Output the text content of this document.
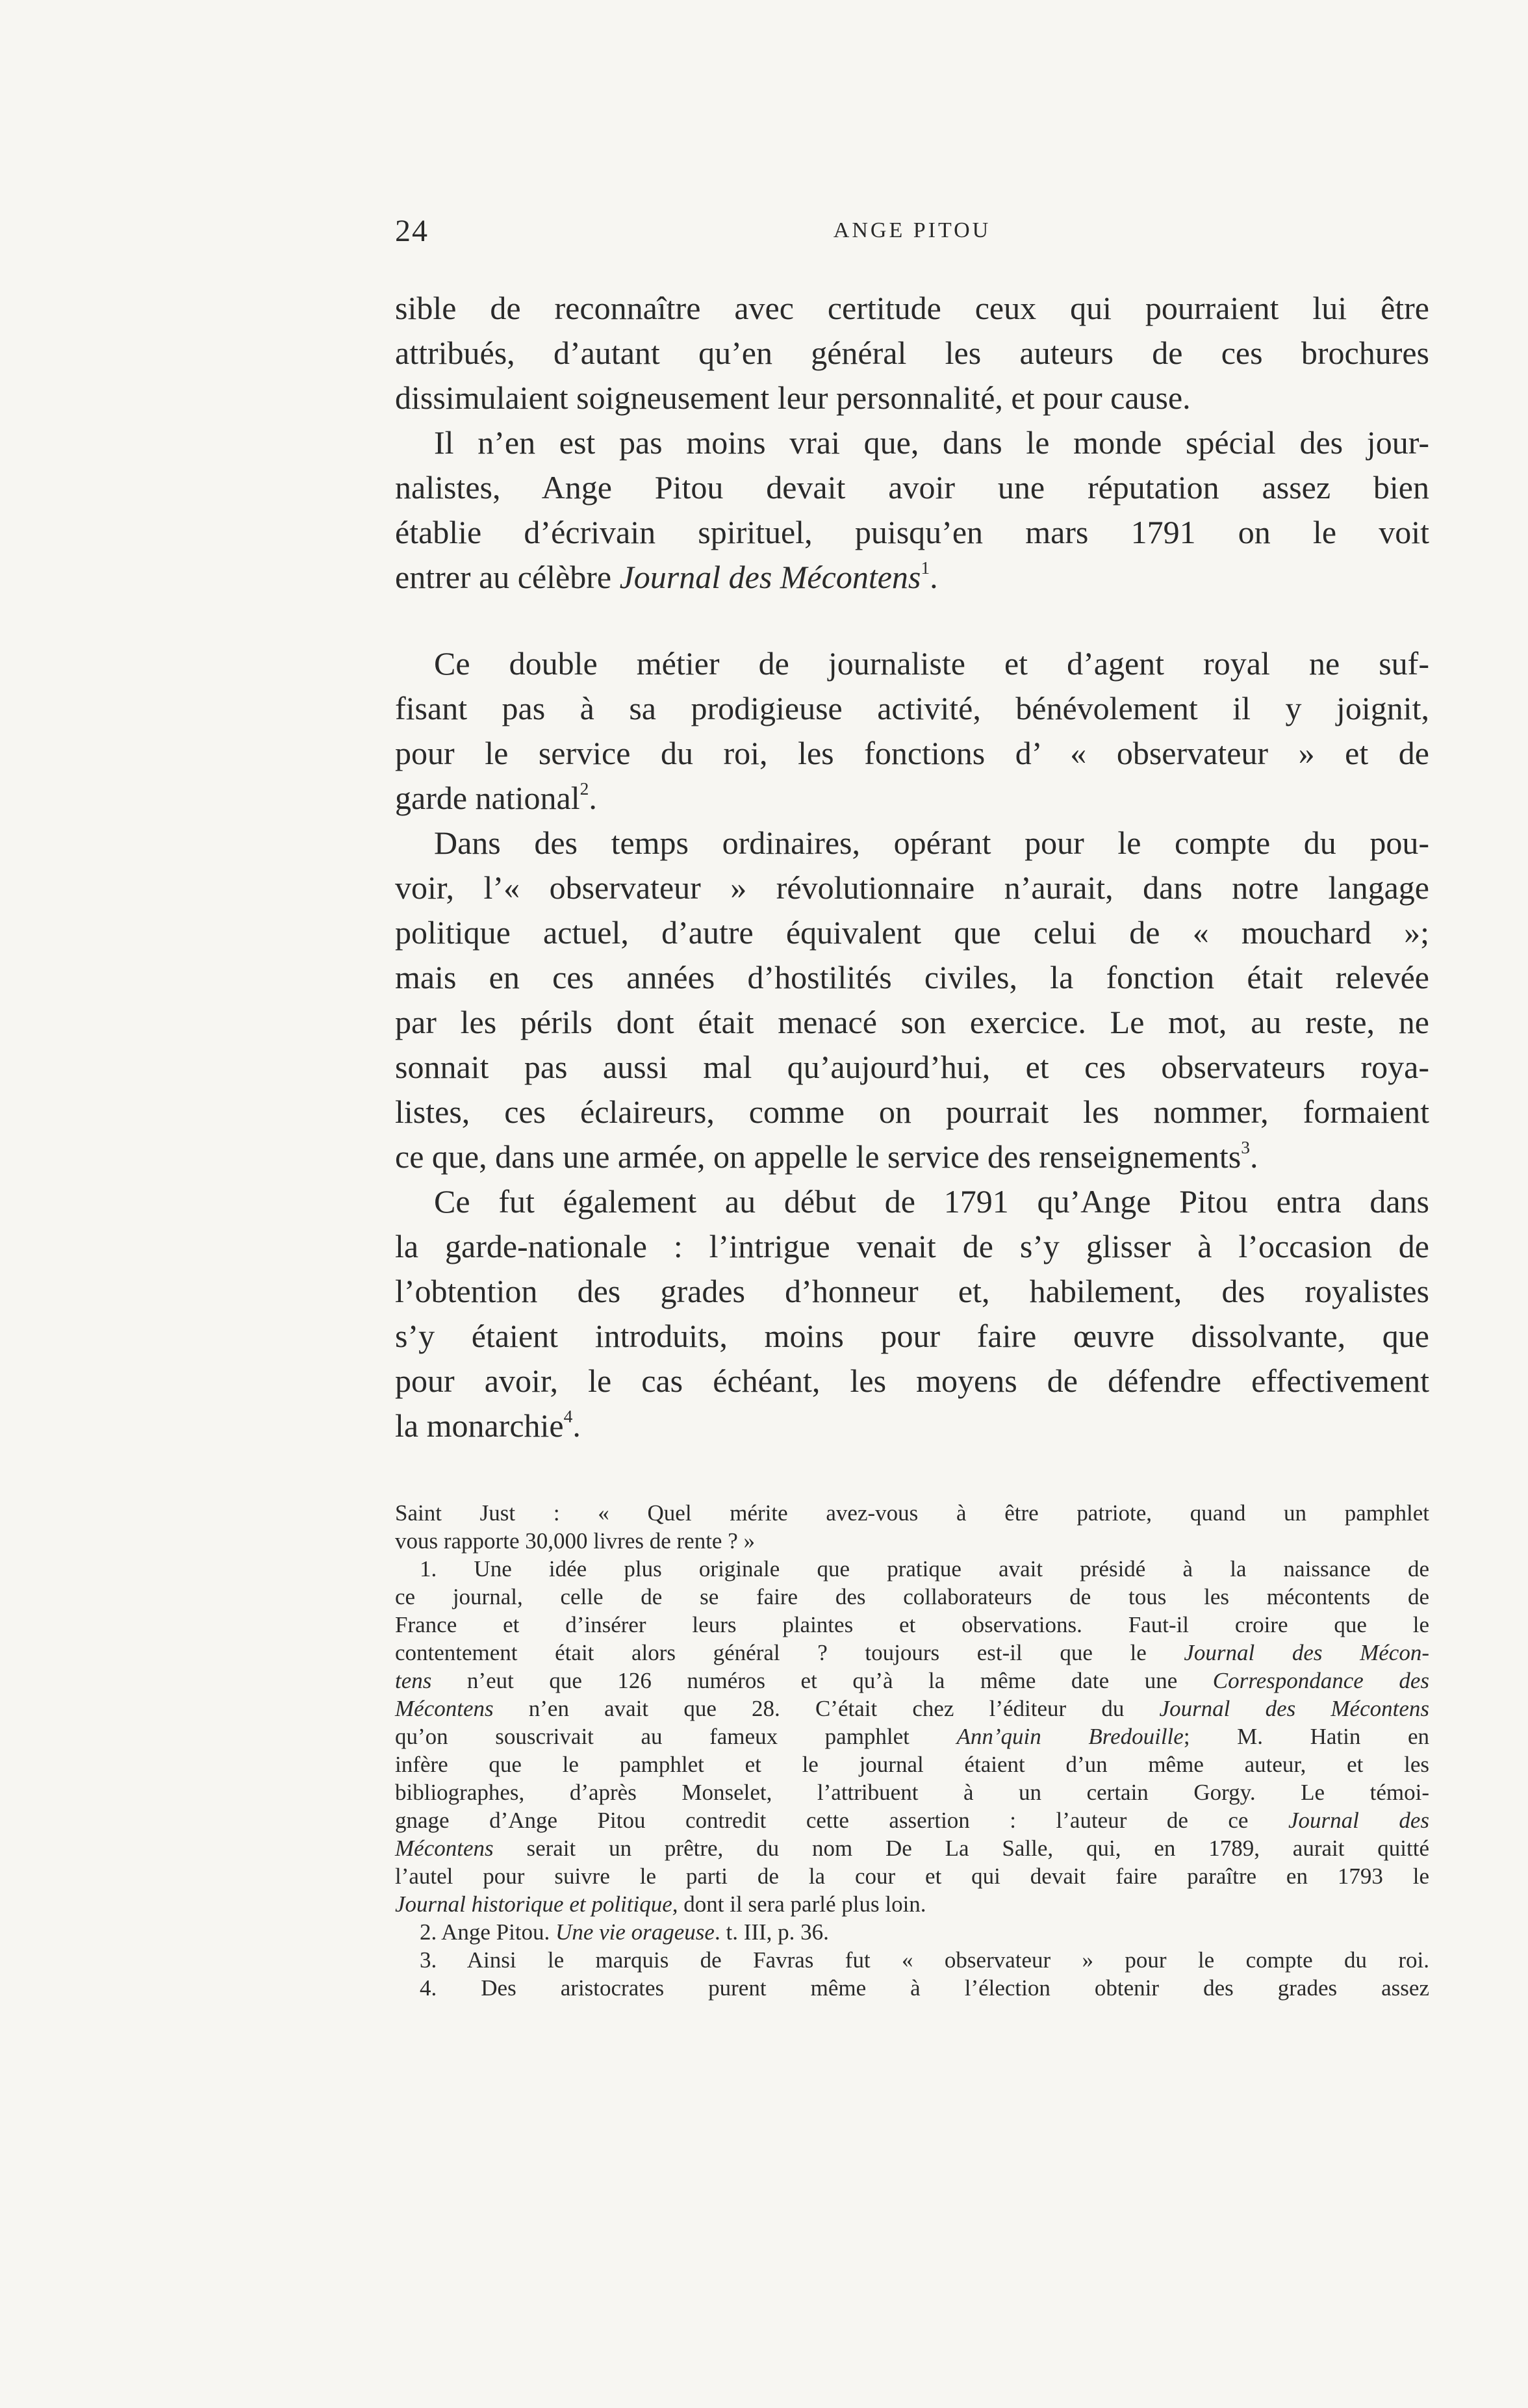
24	ANGE PITOU
sible de reconnaître avec certitude ceux qui pourraient lui être
attribués, d’autant qu’en général les auteurs de ces brochures
dissimulaient soigneusement leur personnalité, et pour cause.
Il n’en est pas moins vrai que, dans le monde spécial des jour-
nalistes, Ange Pitou devait avoir une réputation assez bien
établie d’écrivain spirituel, puisqu’en mars 1791 on le voit
entrer au célèbre Journal des Mécontens$^1$.
Ce double métier de journaliste et d’agent royal ne suf-
fisant pas à sa prodigieuse activité, bénévolement il y joignit,
pour le service du roi, les fonctions d’ « observateur » et de
garde national$^2$.
Dans des temps ordinaires, opérant pour le compte du pou-
voir, l’« observateur » révolutionnaire n’aurait, dans notre langage
politique actuel, d’autre équivalent que celui de « mouchard »;
mais en ces années d’hostilités civiles, la fonction était relevée
par les périls dont était menacé son exercice. Le mot, au reste, ne
sonnait pas aussi mal qu’aujourd’hui, et ces observateurs roya-
listes, ces éclaireurs, comme on pourrait les nommer, formaient
ce que, dans une armée, on appelle le service des renseignements$^3$.
Ce fut également au début de 1791 qu’Ange Pitou entra dans
la garde-nationale : l’intrigue venait de s’y glisser à l’occasion de
l’obtention des grades d’honneur et, habilement, des royalistes
s’y étaient introduits, moins pour faire œuvre dissolvante, que
pour avoir, le cas échéant, les moyens de défendre effectivement
la monarchie$^4$.
Saint Just : « Quel mérite avez-vous à être patriote, quand un pamphlet
vous rapporte 30,000 livres de rente ? »
1. Une idée plus originale que pratique avait présidé à la naissance de
ce journal, celle de se faire des collaborateurs de tous les mécontents de
France et d’insérer leurs plaintes et observations. Faut-il croire que le
contentement était alors général ? toujours est-il que le Journal des Mécon-
tens n’eut que 126 numéros et qu’à la même date une Correspondance des
Mécontens n’en avait que 28. C’était chez l’éditeur du Journal des Mécontens
qu’on souscrivait au fameux pamphlet Ann’quin Bredouille; M. Hatin en
infère que le pamphlet et le journal étaient d’un même auteur, et les
bibliographes, d’après Monselet, l’attribuent à un certain Gorgy. Le témoi-
gnage d’Ange Pitou contredit cette assertion : l’auteur de ce Journal des
Mécontens serait un prêtre, du nom De La Salle, qui, en 1789, aurait quitté
l’autel pour suivre le parti de la cour et qui devait faire paraître en 1793 le
Journal historique et politique, dont il sera parlé plus loin.
2. Ange Pitou. Une vie orageuse. t. III, p. 36.
3. Ainsi le marquis de Favras fut « observateur » pour le compte du roi.
4. Des aristocrates purent même à l’élection obtenir des grades assez
